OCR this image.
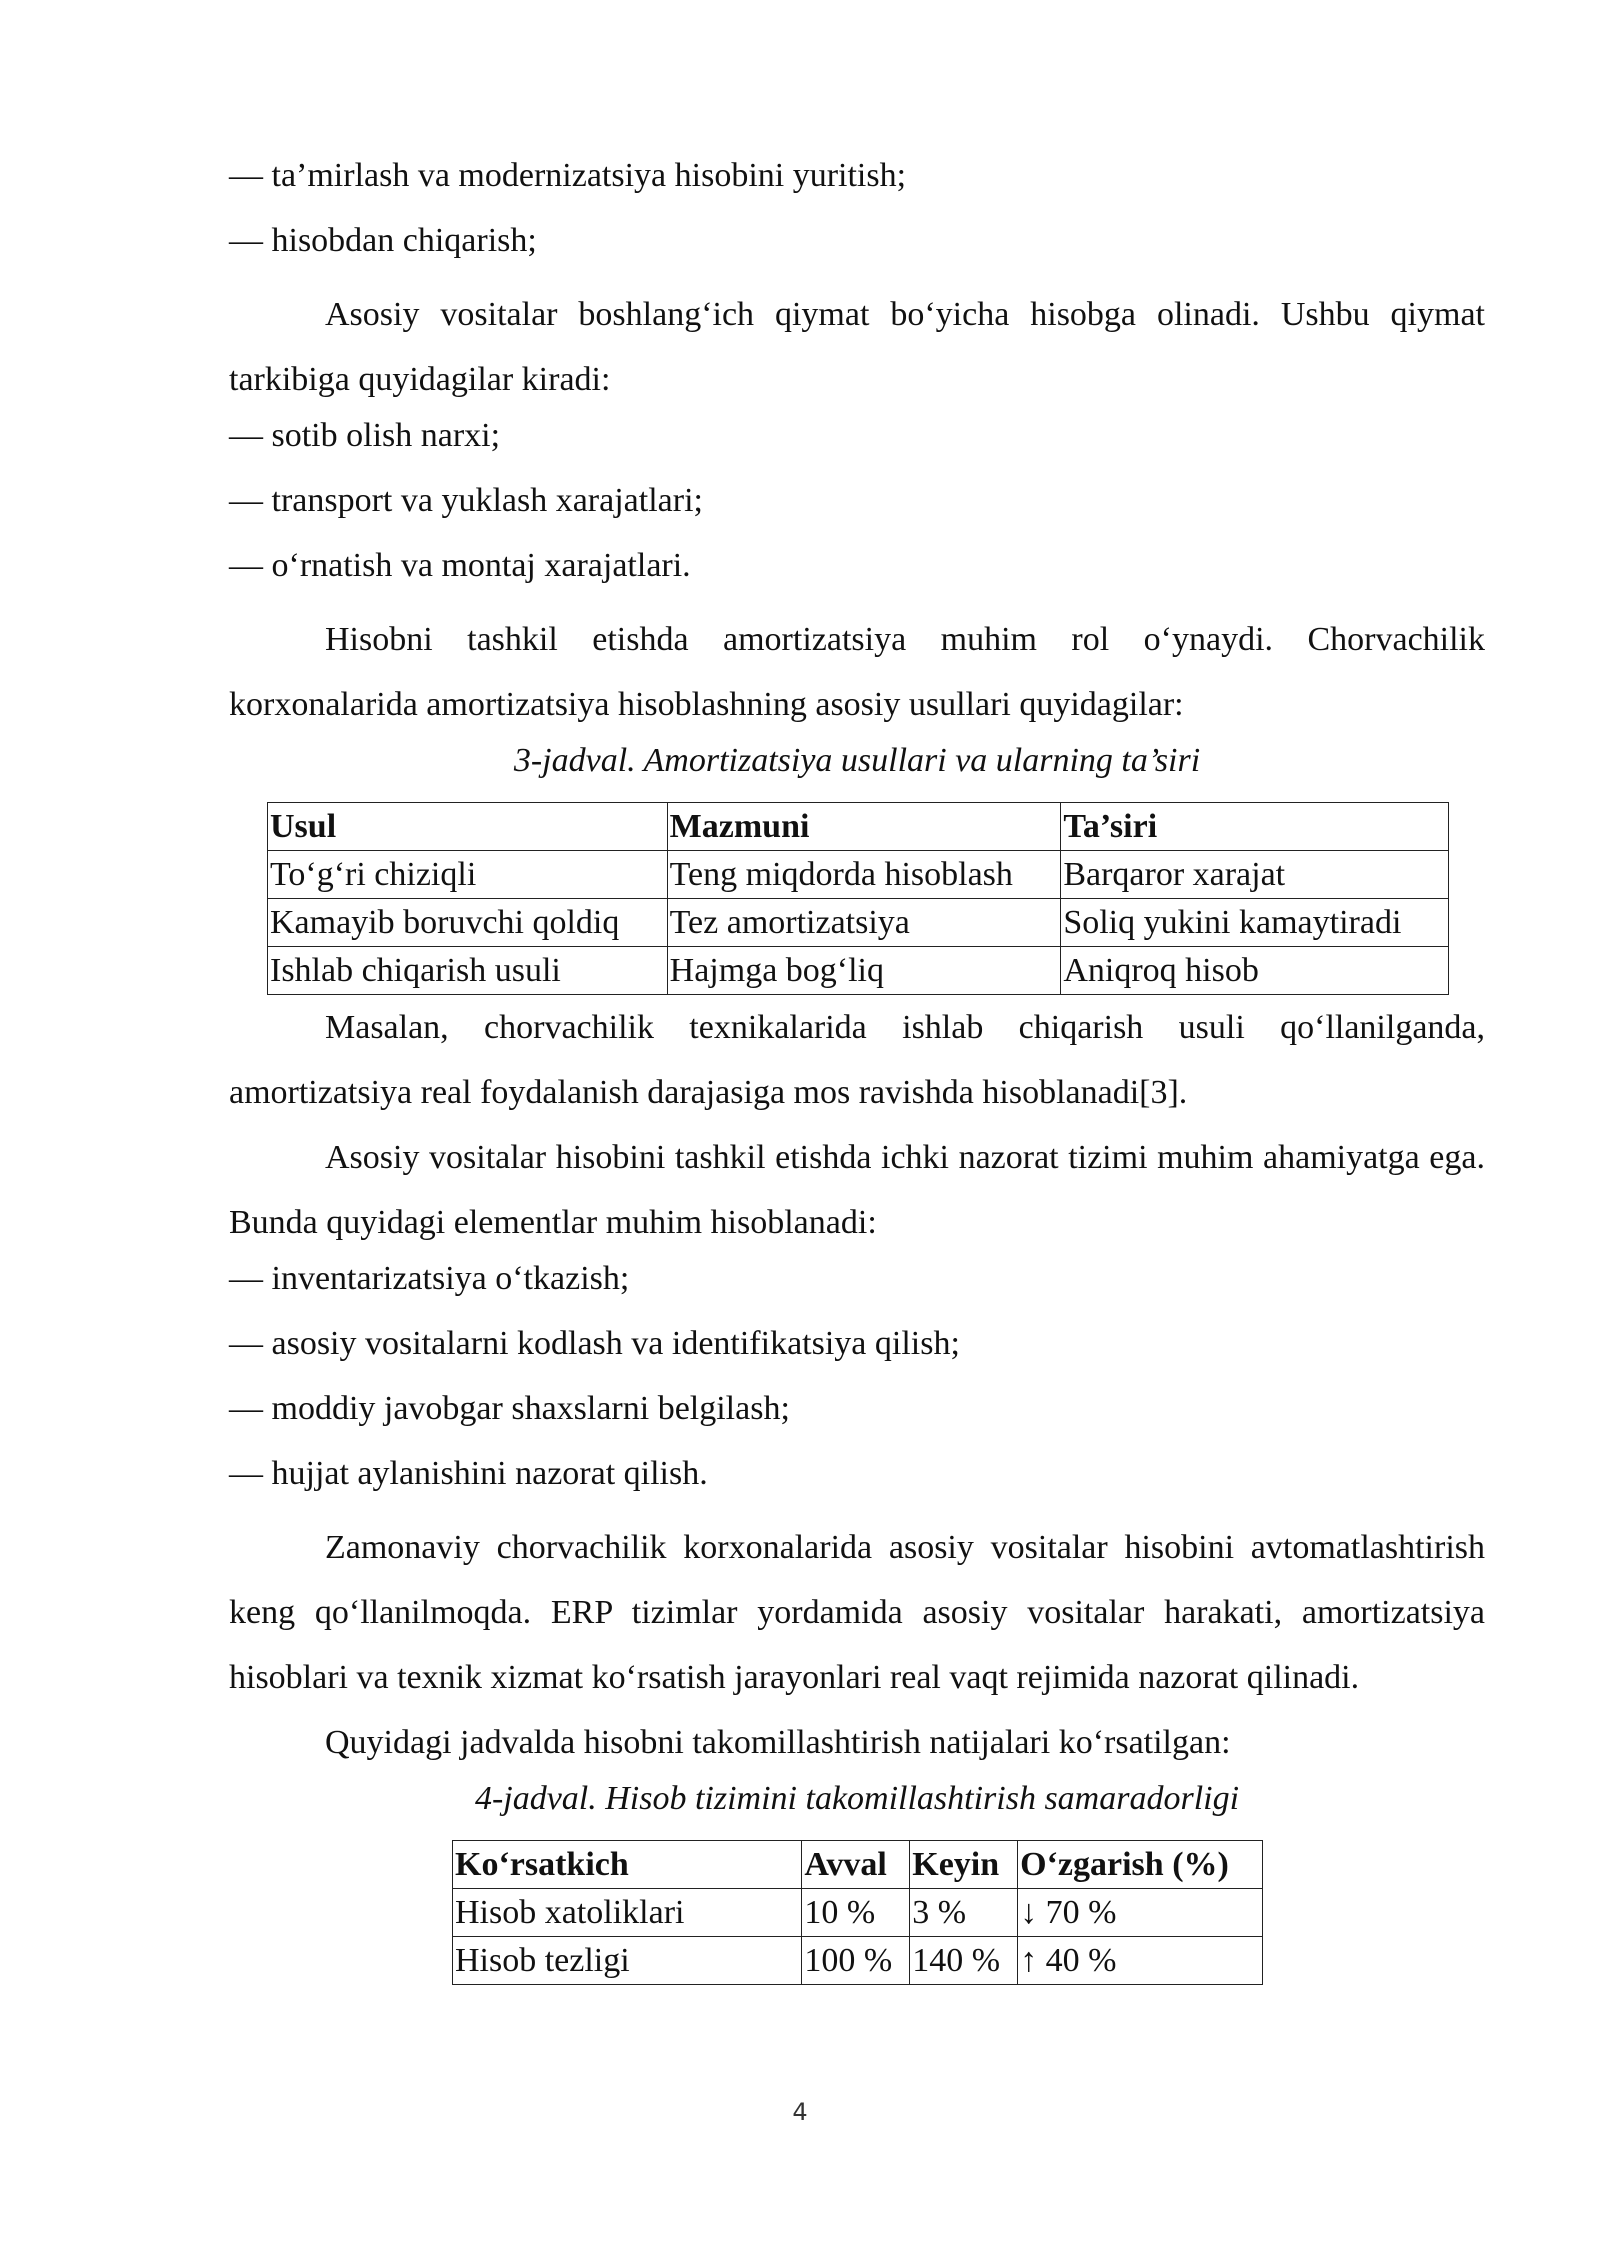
— ta’mirlash va modernizatsiya hisobini yuritish;
— hisobdan chiqarish;

Asosiy vositalar boshlang‘ich qiymat bo‘yicha hisobga olinadi. Ushbu qiymat tarkibiga quyidagilar kiradi:

— sotib olish narxi;
— transport va yuklash xarajatlari;
— o‘rnatish va montaj xarajatlari.

Hisobni tashkil etishda amortizatsiya muhim rol o‘ynaydi. Chorvachilik korxonalarida amortizatsiya hisoblashning asosiy usullari quyidagilar:

3-jadval. Amortizatsiya usullari va ularning ta’siri
Usul	Mazmuni	Ta’siri
To‘g‘ri chiziqli	Teng miqdorda hisoblash	Barqaror xarajat
Kamayib boruvchi qoldiq	Tez amortizatsiya	Soliq yukini kamaytiradi
Ishlab chiqarish usuli	Hajmga bog‘liq	Aniqroq hisob

Masalan, chorvachilik texnikalarida ishlab chiqarish usuli qo‘llanilganda, amortizatsiya real foydalanish darajasiga mos ravishda hisoblanadi[3].

Asosiy vositalar hisobini tashkil etishda ichki nazorat tizimi muhim ahamiyatga ega. Bunda quyidagi elementlar muhim hisoblanadi:

— inventarizatsiya o‘tkazish;
— asosiy vositalarni kodlash va identifikatsiya qilish;
— moddiy javobgar shaxslarni belgilash;
— hujjat aylanishini nazorat qilish.

Zamonaviy chorvachilik korxonalarida asosiy vositalar hisobini avtomatlashtirish keng qo‘llanilmoqda. ERP tizimlar yordamida asosiy vositalar harakati, amortizatsiya hisoblari va texnik xizmat ko‘rsatish jarayonlari real vaqt rejimida nazorat qilinadi.

Quyidagi jadvalda hisobni takomillashtirish natijalari ko‘rsatilgan:

4-jadval. Hisob tizimini takomillashtirish samaradorligi
Ko‘rsatkich	Avval	Keyin	O‘zgarish (%)
Hisob xatoliklari	10 %	3 %	↓ 70 %
Hisob tezligi	100 %	140 %	↑ 40 %
4
